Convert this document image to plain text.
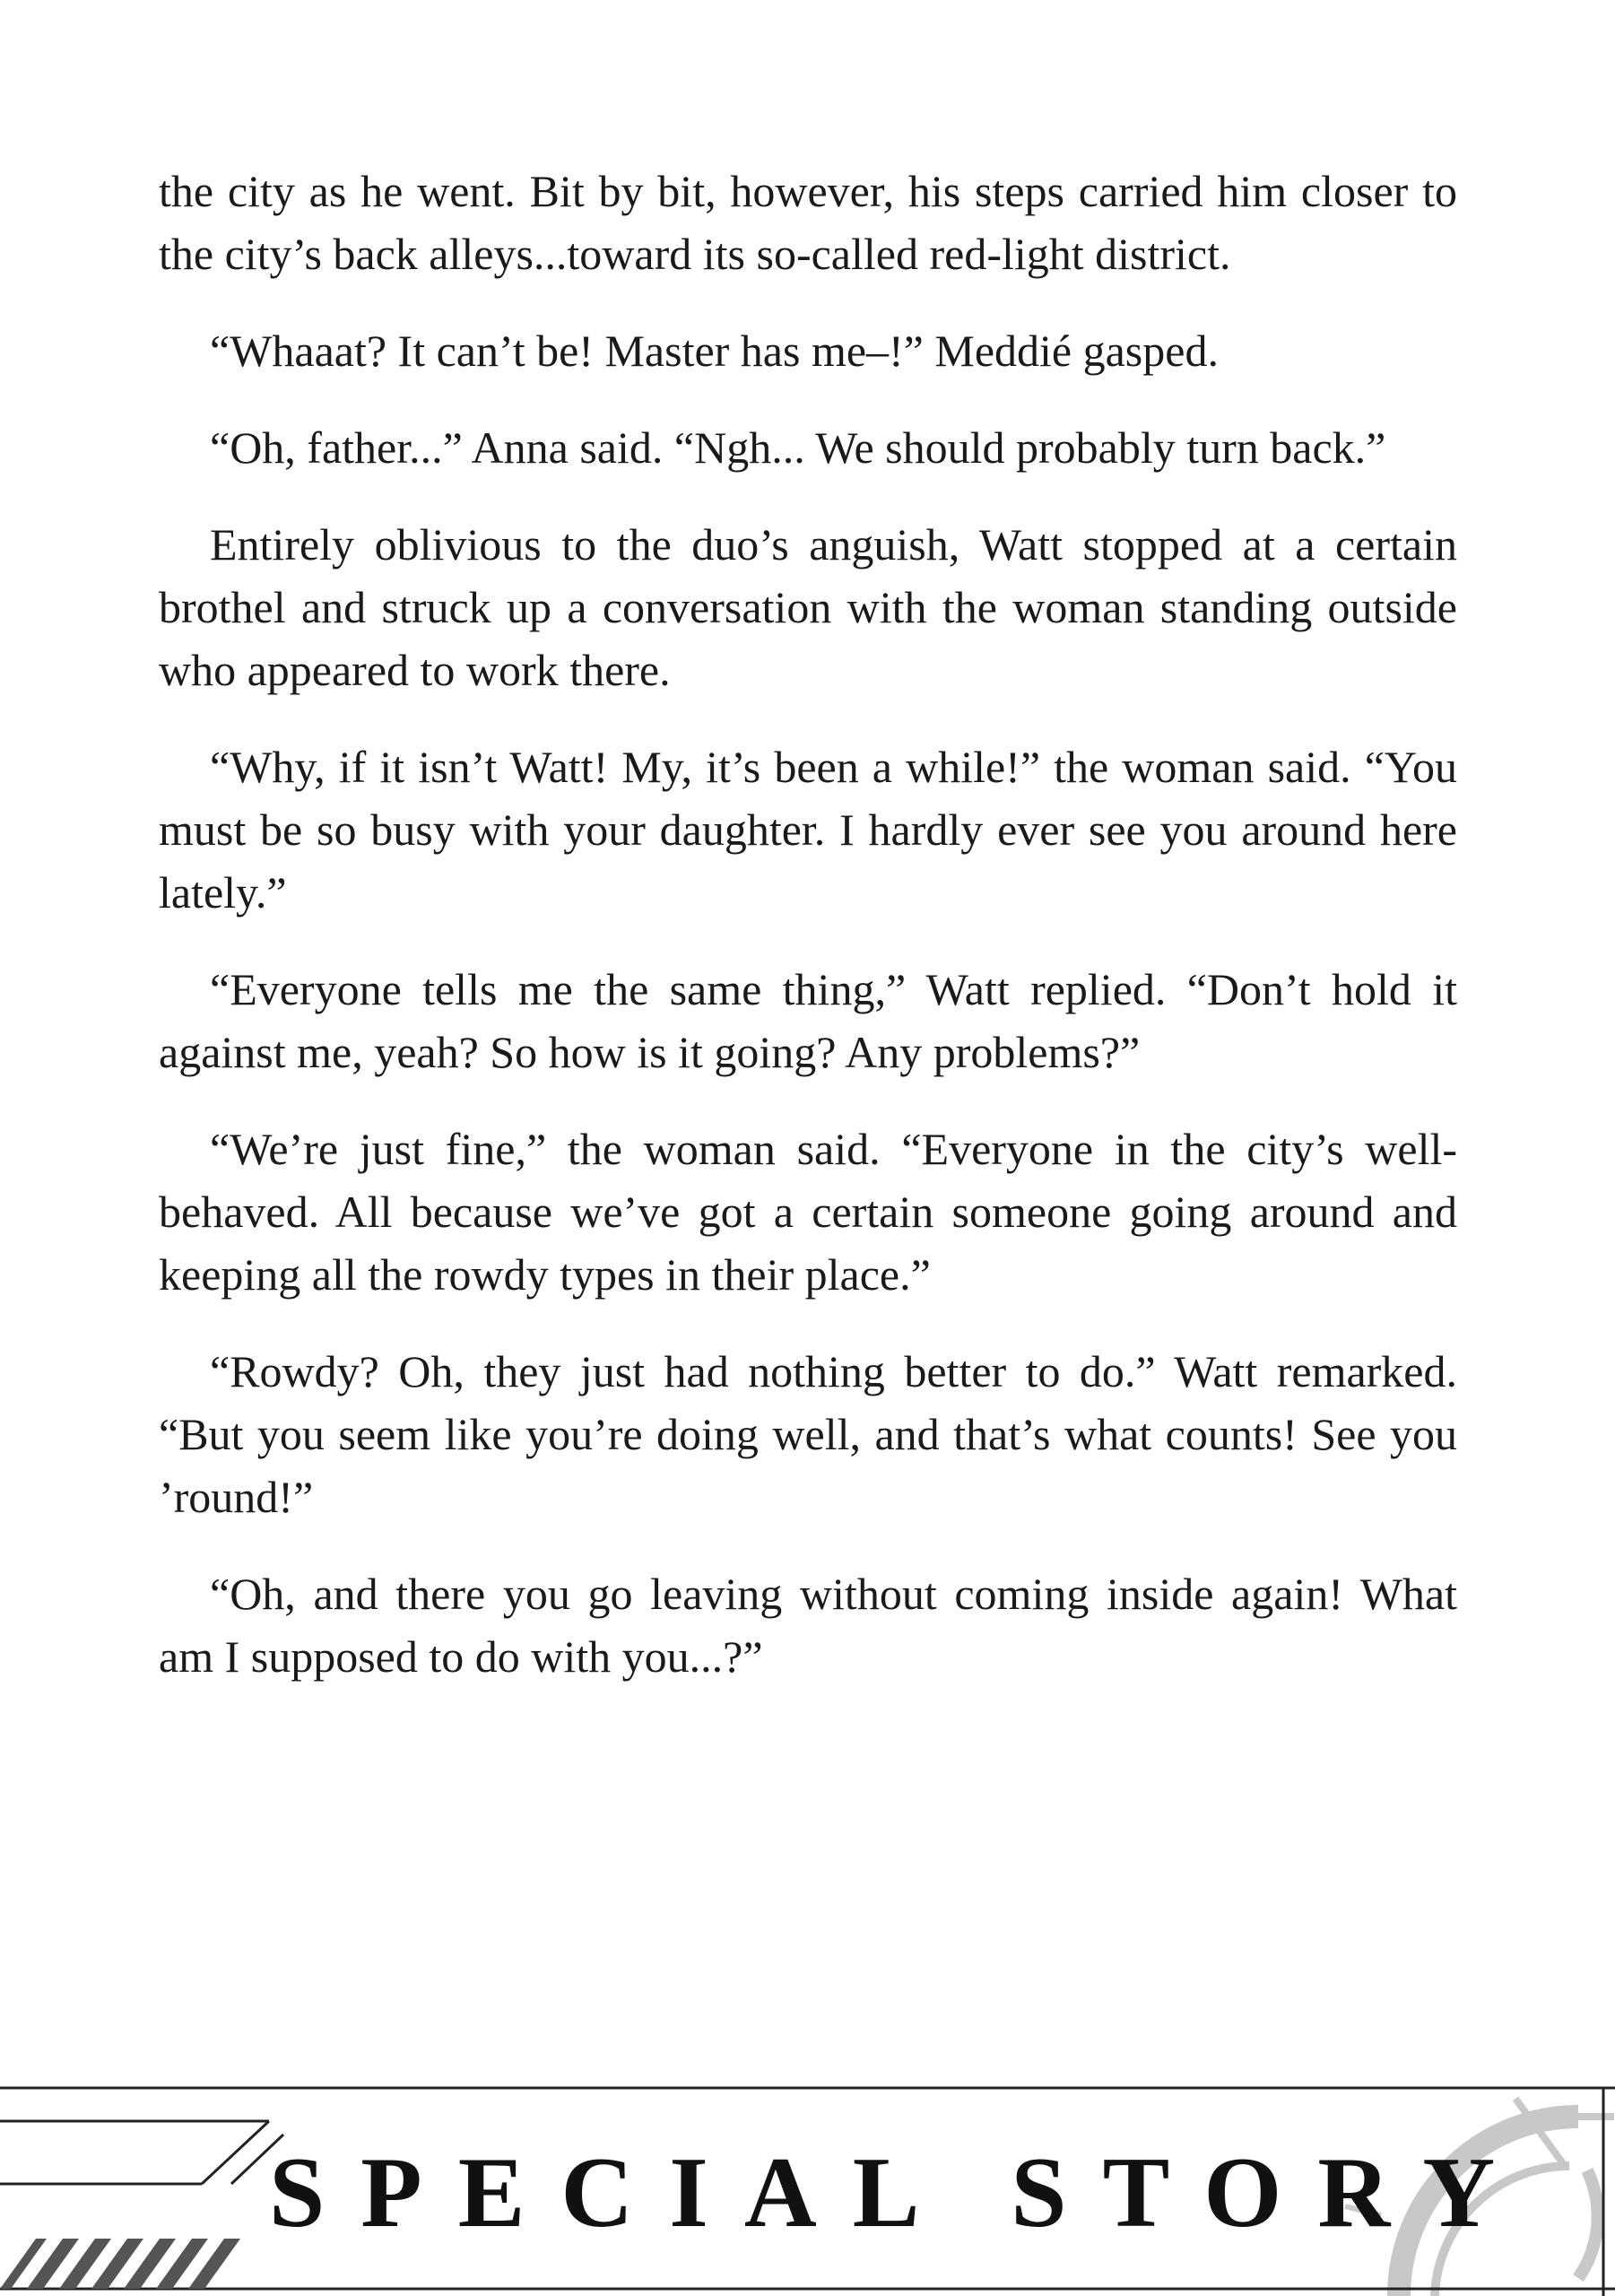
the city as he went. Bit by bit, however, his steps carried him closer to the city’s back alleys...toward its so-called red-light district.

“Whaaat? It can’t be! Master has me–!” Meddié gasped.

“Oh, father...” Anna said. “Ngh... We should probably turn back.”

Entirely oblivious to the duo’s anguish, Watt stopped at a certain brothel and struck up a conversation with the woman standing outside who appeared to work there.

“Why, if it isn’t Watt! My, it’s been a while!” the woman said. “You must be so busy with your daughter. I hardly ever see you around here lately.”

“Everyone tells me the same thing,” Watt replied. “Don’t hold it against me, yeah? So how is it going? Any problems?”

“We’re just fine,” the woman said. “Everyone in the city’s well-behaved. All because we’ve got a certain someone going around and keeping all the rowdy types in their place.”

“Rowdy? Oh, they just had nothing better to do.” Watt remarked. “But you seem like you’re doing well, and that’s what counts! See you ’round!”

“Oh, and there you go leaving without coming inside again! What am I supposed to do with you...?”

SPECIAL STORY
